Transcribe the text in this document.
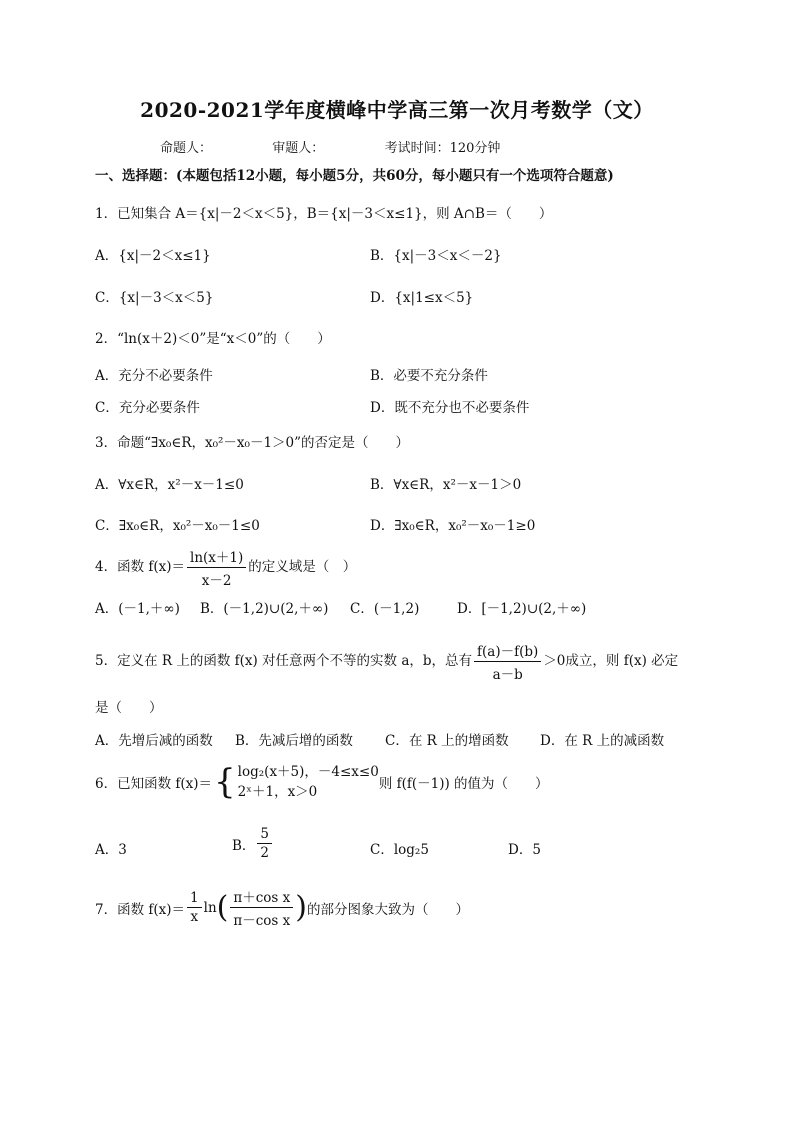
2020-2021学年度横峰中学高三第一次月考数学（文）
命题人：	审题人：	考试时间：120分钟
一、选择题：(本题包括12小题，每小题5分，共60分，每小题只有一个选项符合题意)
1．已知集合 A＝{x|－2＜x＜5}，B＝{x|－3＜x≤1}，则 A∩B＝（　　）
A．{x|－2＜x≤1}	B．{x|－3＜x＜－2}
C．{x|－3＜x＜5}	D．{x|1≤x＜5}
2．“ln(x＋2)＜0”是“x＜0”的（　　）
A．充分不必要条件	B．必要不充分条件
C．充分必要条件	D．既不充分也不必要条件
3．命题“∃x₀∈R，x₀²－x₀－1＞0”的否定是（　　）
A．∀x∈R，x²－x－1≤0	B．∀x∈R，x²－x－1＞0
C．∃x₀∈R，x₀²－x₀－1≤0	D．∃x₀∈R，x₀²－x₀－1≥0
4．函数 $f(x)= \frac{\ln(x+1)}{x-2}$ 的定义域是（　）
A．(－1,＋∞) B．(－1,2)∪(2,＋∞) C．(－1,2)	D．[－1,2)∪(2,＋∞)
5．定义在 R 上的函数 f(x) 对任意两个不等的实数 a，b，总有 $\frac{f(a)-f(b)}{a-b} >0$成立，则 f(x) 必定
是（　　）
A．先增后减的函数 B．先减后增的函数 C．在 R 上的增函数 D．在 R 上的减函数
6．已知函数 f(x)＝{ log₂(x＋5)，－4≤x≤0
2ˣ＋1，x＞0	则 f(f(－1)) 的值为（　　）
A．3	B． $\frac{5}{2}$	C．log₂5	D．5
7．函数 $f(x)= \frac{1}{x} \ln( \frac{\text{π＋cos x}}{\text{π－cos x}}$ )的部分图象大致为（　　）
